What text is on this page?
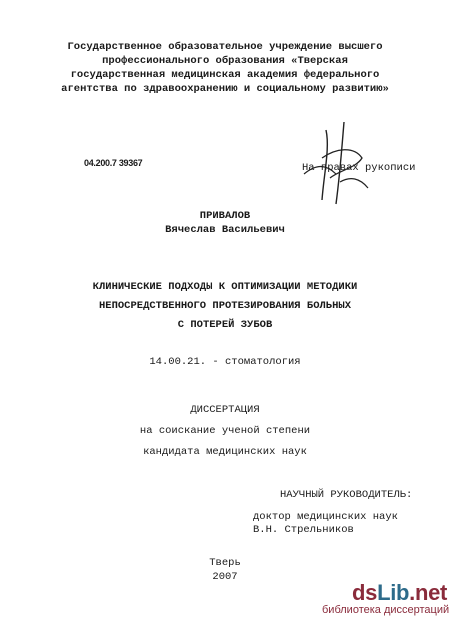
Государственное образовательное учреждение высшего
профессионального образования «Тверская
государственная медицинская академия федерального
агентства по здравоохранению и социальному развитию»
04.200.7 39367	На правах рукописи
ПРИВАЛОВ
Вячеслав Васильевич
КЛИНИЧЕСКИЕ ПОДХОДЫ К ОПТИМИЗАЦИИ МЕТОДИКИ
НЕПОСРЕДСТВЕННОГО ПРОТЕЗИРОВАНИЯ БОЛЬНЫХ
С ПОТЕРЕЙ ЗУБОВ
14.00.21. - стоматология
ДИССЕРТАЦИЯ
на соискание ученой степени
кандидата медицинских наук
НАУЧНЫЙ РУКОВОДИТЕЛЬ:
доктор медицинских наук
В.Н. Стрельников
Тверь
2007
dsLib.net
библиотека диссертаций
